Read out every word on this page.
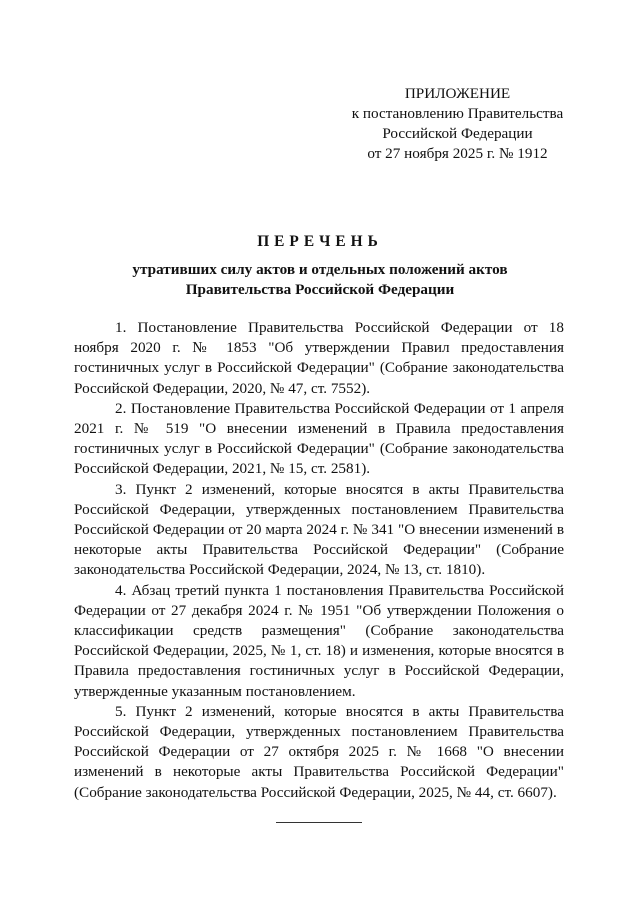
ПРИЛОЖЕНИЕ
к постановлению Правительства
Российской Федерации
от 27 ноября 2025 г. № 1912
ПЕРЕЧЕНЬ
утративших силу актов и отдельных положений актов
Правительства Российской Федерации

1. Постановление Правительства Российской Федерации от 18 ноября 2020 г. № 1853 "Об утверждении Правил предоставления гостиничных услуг в Российской Федерации" (Собрание законодательства Российской Федерации, 2020, № 47, ст. 7552).

2. Постановление Правительства Российской Федерации от 1 апреля 2021 г. № 519 "О внесении изменений в Правила предоставления гостиничных услуг в Российской Федерации" (Собрание законодательства Российской Федерации, 2021, № 15, ст. 2581).

3. Пункт 2 изменений, которые вносятся в акты Правительства Российской Федерации, утвержденных постановлением Правительства Российской Федерации от 20 марта 2024 г. № 341 "О внесении изменений в некоторые акты Правительства Российской Федерации" (Собрание законодательства Российской Федерации, 2024, № 13, ст. 1810).

4. Абзац третий пункта 1 постановления Правительства Российской Федерации от 27 декабря 2024 г. № 1951 "Об утверждении Положения о классификации средств размещения" (Собрание законодательства Российской Федерации, 2025, № 1, ст. 18) и изменения, которые вносятся в Правила предоставления гостиничных услуг в Российской Федерации, утвержденные указанным постановлением.

5. Пункт 2 изменений, которые вносятся в акты Правительства Российской Федерации, утвержденных постановлением Правительства Российской Федерации от 27 октября 2025 г. № 1668 "О внесении изменений в некоторые акты Правительства Российской Федерации" (Собрание законодательства Российской Федерации, 2025, № 44, ст. 6607).
